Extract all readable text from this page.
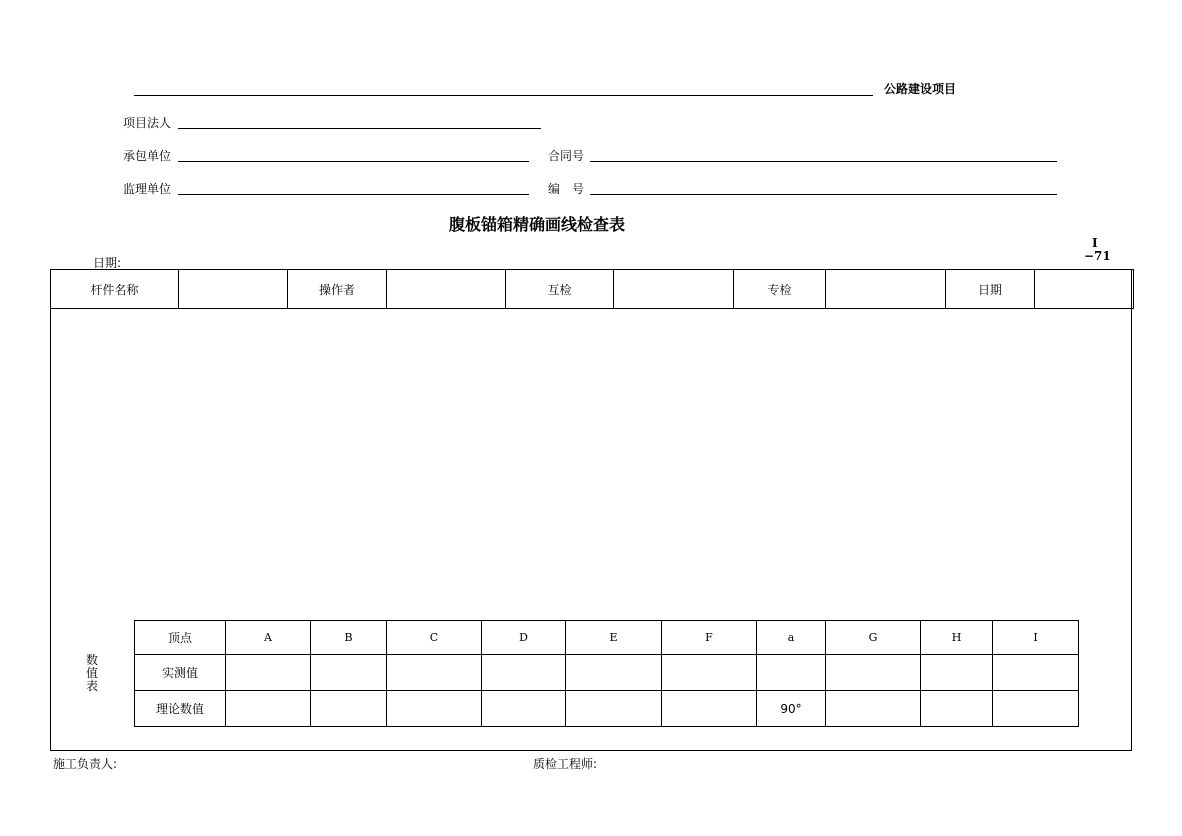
公路建设项目
项目法人
承包单位	合同号
监理单位	编　号
腹板锚箱精确画线检查表
日期:
I
−71
杆件名称		操作者		互检		专检		日期	
数值表
顶点	A	B	C	D	E	F	a	G	H	I
实测值										
理论数值							90°			
施工负责人:	质检工程师:
